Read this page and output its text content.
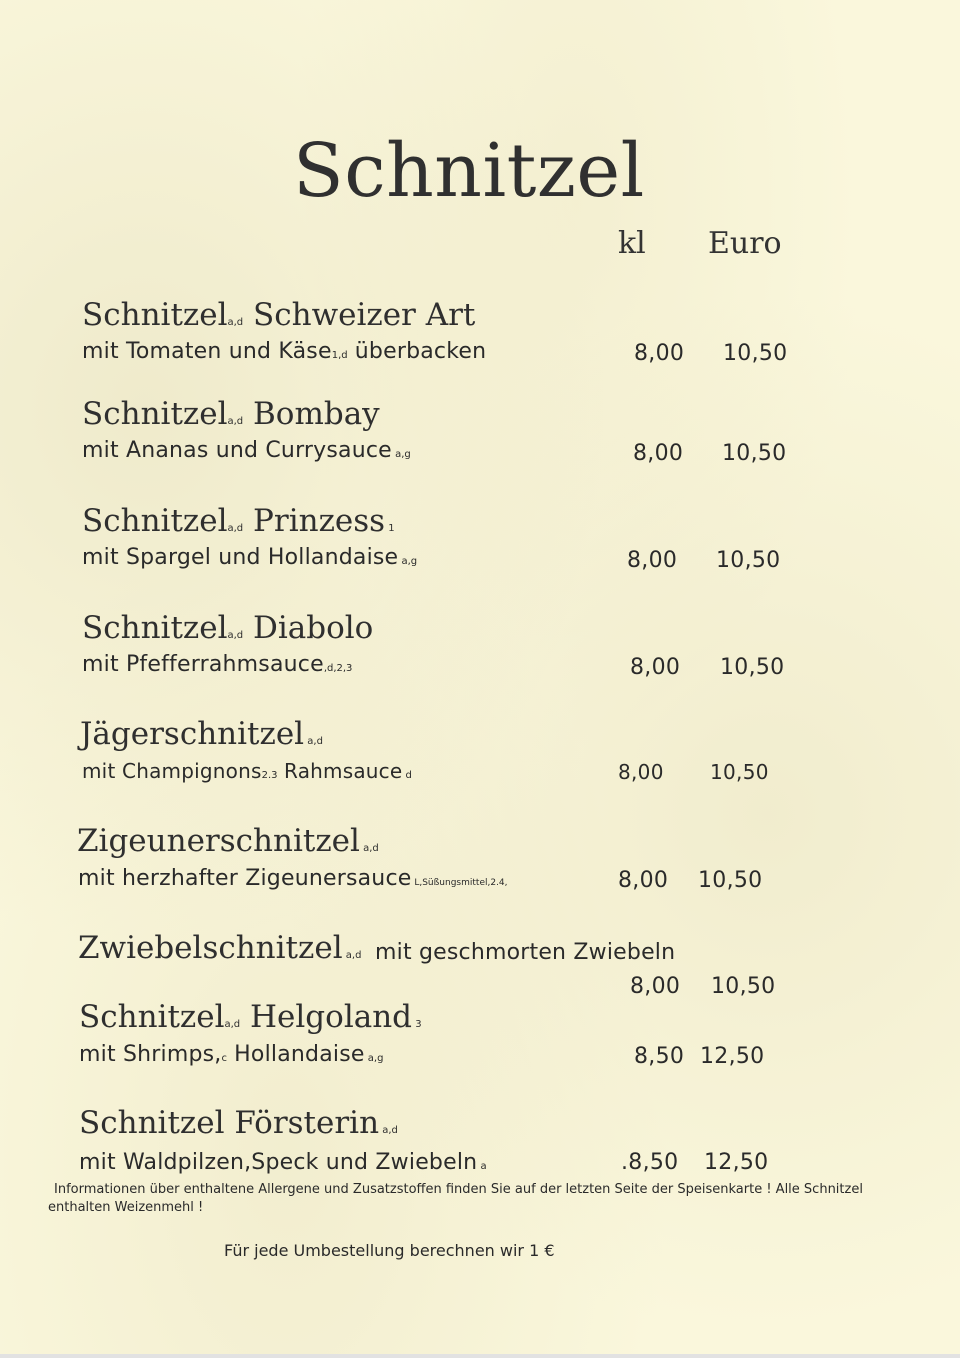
Schnitzel
kl Euro
Schnitzela,d Schweizer Art
mit Tomaten und Käse1,d überbacken	8,00 10,50
Schnitzela,d Bombay
mit Ananas und Currysauce a,g	8,00 10,50
Schnitzela,d Prinzess 1
mit Spargel und Hollandaise a,g	8,00 10,50
Schnitzela,d Diabolo
mit Pfefferrahmsauce,d,2,3	8,00 10,50
Jägerschnitzel a,d
mit Champignons2.3 Rahmsauce d	8,00 10,50
Zigeunerschnitzel a,d
mit herzhafter Zigeunersauce L,Süßungsmittel,2.4,	8,00 10,50
Zwiebelschnitzel a,d mit geschmorten Zwiebeln
8,00 10,50
Schnitzela,d Helgoland 3
mit Shrimps,c Hollandaise a,g	8,50 12,50
Schnitzel Försterin a,d
mit Waldpilzen,Speck und Zwiebeln a	.8,50 12,50
Informationen über enthaltene Allergene und Zusatzstoffen finden Sie auf der letzten Seite der Speisenkarte ! Alle Schnitzel enthalten Weizenmehl !
Für jede Umbestellung berechnen wir 1 €
